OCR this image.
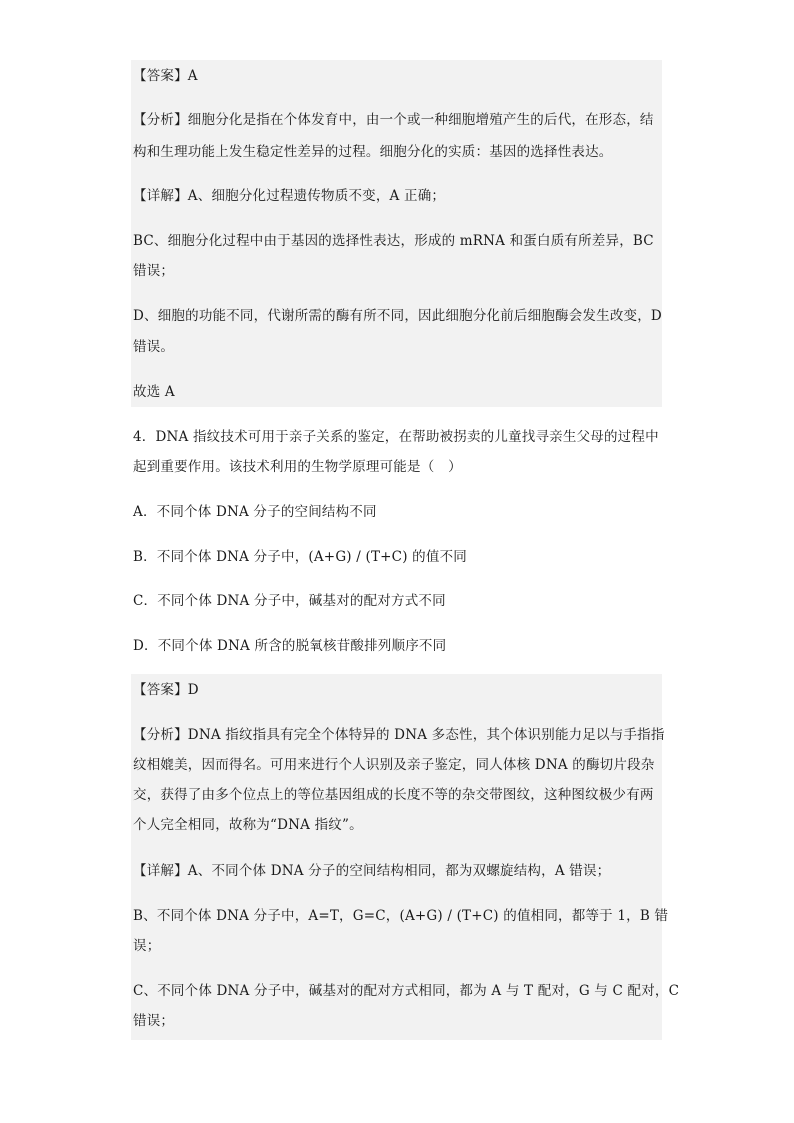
【答案】A
【分析】细胞分化是指在个体发育中，由一个或一种细胞增殖产生的后代，在形态，结
构和生理功能上发生稳定性差异的过程。细胞分化的实质：基因的选择性表达。
【详解】A、细胞分化过程遗传物质不变，A 正确；
BC、细胞分化过程中由于基因的选择性表达，形成的 mRNA 和蛋白质有所差异，BC
错误；
D、细胞的功能不同，代谢所需的酶有所不同，因此细胞分化前后细胞酶会发生改变，D
错误。
故选 A
4．DNA 指纹技术可用于亲子关系的鉴定，在帮助被拐卖的儿童找寻亲生父母的过程中
起到重要作用。该技术利用的生物学原理可能是（　）
A．不同个体 DNA 分子的空间结构不同
B．不同个体 DNA 分子中，(A+G) / (T+C) 的值不同
C．不同个体 DNA 分子中，碱基对的配对方式不同
D．不同个体 DNA 所含的脱氧核苷酸排列顺序不同
【答案】D
【分析】DNA 指纹指具有完全个体特异的 DNA 多态性，其个体识别能力足以与手指指
纹相媲美，因而得名。可用来进行个人识别及亲子鉴定，同人体核 DNA 的酶切片段杂
交，获得了由多个位点上的等位基因组成的长度不等的杂交带图纹，这种图纹极少有两
个人完全相同，故称为“DNA 指纹”。
【详解】A、不同个体 DNA 分子的空间结构相同，都为双螺旋结构，A 错误；
B、不同个体 DNA 分子中，A=T，G=C，(A+G) / (T+C) 的值相同，都等于 1，B 错
误；
C、不同个体 DNA 分子中，碱基对的配对方式相同，都为 A 与 T 配对，G 与 C 配对，C
错误；
